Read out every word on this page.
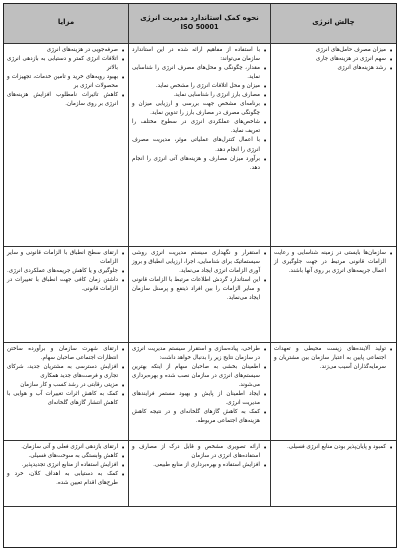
چالش انرژی
نحوه کمک استاندارد مدیریت انرژی
ISO 50001
مزایا
• میزان مصرف حامل‌های انرژی
• سهم انرژی در هزینه‌های جاری
• رشد هزینه‌های انرژی
• با استفاده از مفاهیم ارائه شده در این استاندارد سازمان می‌تواند:
• مقدار، چگونگی و محل‌های مصرف انرژی را شناسایی نماید.
• میزان و محل اتلافات انرژی را مشخص نماید.
• مصارف بارز انرژی را شناسایی نماید.
• برنامه‌ای مشخص جهت بررسی و ارزیابی میزان و چگونگی مصرف در مصارف بارز را تدوین نماید.
• شاخص‌های عملکردی انرژی در سطوح مختلف را تعریف نماید.
• با اعمال کنترل‌های عملیاتی موثر، مدیریت مصرف انرژی را انجام دهد.
• برآورد میزان مصارف و هزینه‌های آتی انرژی را انجام دهد.
• صرفه‌جویی در هزینه‌های انرژی
• اتلافات انرژی کمتر و دستیابی به بازدهی انرژی بالاتر
• بهبود رویه‌های خرید و تامین خدمات، تجهیزات و محصولات انرژی بر
• کاهش تاثیرات نامطلوب افزایش هزینه‌های انرژی بر روی سازمان.
• سازمان‌ها بایستی در زمینه شناسایی و رعایت الزامات قانونی مرتبط در جهت جلوگیری از اعمال جریمه‌های انرژی بر روی آنها باشند.
• استقرار و نگهداری سیستم مدیریت انرژی روشی سیستماتیک برای شناسایی، اجرا، ارزیابی انطباق و بروز آوری الزامات انرژی ایجاد می‌نماید.
• این استاندارد گردش اطلاعات مرتبط با الزامات قانونی و سایر الزامات را بین افراد ذینفع و پرسنل سازمان ایجاد می‌نماید.
• ارتقای سطح انطباق با الزامات قانونی و سایر الزامات
• جلوگیری و یا کاهش جریمه‌های عملکردی انرژی.
• داشتن زمان کافی جهت انطباق با تغییرات در الزامات قانونی.
• تولید آلاینده‌های زیست محیطی و تعهدات اجتماعی پایین به اعتبار سازمان بین مشتریان و سرمایه‌گذاران آسیب می‌زند.
• طراحی، پیاده‌سازی و استقرار سیستم مدیریت انرژی در سازمان نتایج زیر را بدنبال خواهد داشت:
• اطمینان بخشی به صاحبان سهام از اینکه بهترین سیستم‌های انرژی در سازمان نصب شده و بهره‌برداری می‌شوند.
• ایجاد اطمینان از پایش و بهبود مستمر فرایندهای مدیریت انرژی.
• کمک به کاهش گازهای گلخانه‌ای و در نتیجه کاهش هزینه‌های اجتماعی مربوطه.
• ارتقای شهرت سازمان و برآورده ساختن انتظارات اجتماعی صاحبان سهام.
• افزایش دسترسی به مشتریان جدید، شرکای تجاری و فرصت‌های جدید همکاری
• مزیتی رقابتی در رشد کسب و کار سازمان
• کمک به کاهش اثرات تغییرات آب و هوایی با کاهش انتشار گازهای گلخانه‌ای
• کمبود و پایان‌پذیر بودن منابع انرژی فسیلی.
• ارائه تصویری مشخص و قابل درک از مصارف و استفاده‌های انرژی در سازمان
• افزایش استفاده و بهره‌برداری از منابع طبیعی.
• ارتقای بازدهی انرژی فعلی و آتی سازمان.
• کاهش وابستگی به سوخت‌های فسیلی.
• افزایش استفاده از منابع انرژی تجدیدپذیر.
• کمک به دستیابی به اهداف کلان، خرد و طرح‌های اقدام تعیین شده.
